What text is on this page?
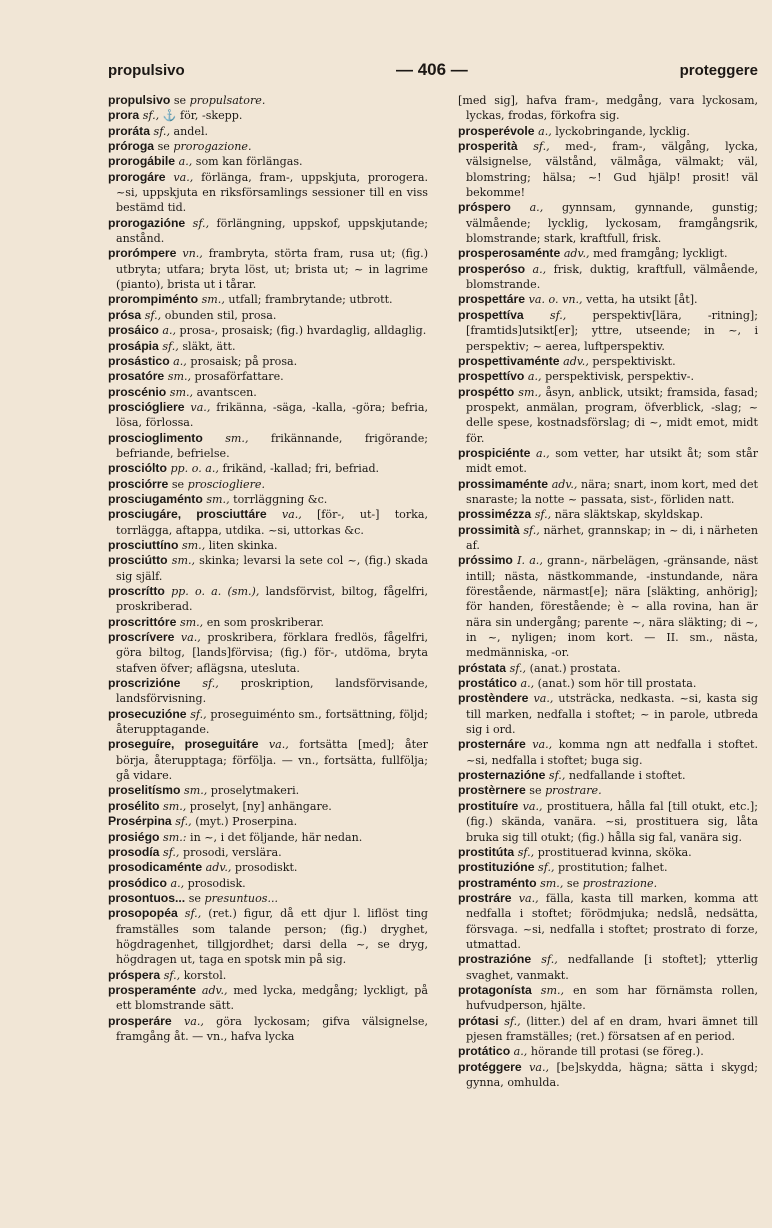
propulsivo	— 406 —	proteggere

propulsivo se propulsatore.

prora sf., ⚓ för, -skepp.

proráta sf., andel.

próroga se prorogazione.

prorogábile a., som kan förlängas.

prorogáre va., förlänga, fram-, uppskjuta, prorogera. ~si, uppskjuta en riksförsamlings sessioner till en viss bestämd tid.

prorogazióne sf., förlängning, uppskof, uppskjutande; anstånd.

prorómpere vn., frambryta, störta fram, rusa ut; (fig.) utbryta; utfara; bryta löst, ut; brista ut; ~ in lagrime (pianto), brista ut i tårar.

prorompiménto sm., utfall; frambrytande; utbrott.

prósa sf., obunden stil, prosa.

prosáico a., prosa-, prosaisk; (fig.) hvardaglig, alldaglig.

prosápia sf., släkt, ätt.

prosástico a., prosaisk; på prosa.

prosatóre sm., prosaförfattare.

proscénio sm., avantscen.

prosciógliere va., frikänna, -säga, -kalla, -göra; befria, lösa, förlossa.

proscioglimento sm., frikännande, frigörande; befriande, befrielse.

prosciólto pp. o. a., frikänd, -kallad; fri, befriad.

prosciórre se prosciogliere.

prosciugaménto sm., torrläggning &c.

prosciugáre, prosciuttáre va., [för-, ut-] torka, torrlägga, aftappa, utdika. ~si, uttorkas &c.

prosciuttíno sm., liten skinka.

prosciútto sm., skinka; levarsi la sete col ~, (fig.) skada sig själf.

proscrítto pp. o. a. (sm.), landsförvist, biltog, fågelfri, proskriberad.

proscrittóre sm., en som proskriberar.

proscrívere va., proskribera, förklara fredlös, fågelfri, göra biltog, [lands]förvisa; (fig.) för-, utdöma, bryta stafven öfver; aflägsna, utesluta.

proscrizióne sf., proskription, landsförvisande, landsförvisning.

prosecuzióne sf., proseguiménto sm., fortsättning, följd; återupptagande.

proseguíre, proseguitáre va., fortsätta [med]; åter börja, återupptaga; förfölja. — vn., fortsätta, fullfölja; gå vidare.

proselitísmo sm., proselytmakeri.

prosélito sm., proselyt, [ny] anhängare.

Prosérpina sf., (myt.) Proserpina.

prosiégo sm.: in ~, i det följande, här nedan.

prosodía sf., prosodi, verslära.

prosodicaménte adv., prosodiskt.

prosódico a., prosodisk.

prosontuos... se presuntuos...

prosopopéa sf., (ret.) figur, då ett djur l. liflöst ting framställes som talande person; (fig.) dryghet, högdragenhet, tillgjordhet; darsi della ~, se dryg, högdragen ut, taga en spotsk min på sig.

próspera sf., korstol.

prosperaménte adv., med lycka, medgång; lyckligt, på ett blomstrande sätt.

prosperáre va., göra lyckosam; gifva välsignelse, framgång åt. — vn., hafva lycka

[med sig], hafva fram-, medgång, vara lyckosam, lyckas, frodas, förkofra sig.

prosperévole a., lyckobringande, lycklig.

prosperità sf., med-, fram-, välgång, lycka, välsignelse, välstånd, välmåga, välmakt; väl, blomstring; hälsa; ~! Gud hjälp! prosit! väl bekomme!

próspero a., gynnsam, gynnande, gunstig; välmående; lycklig, lyckosam, framgångsrik, blomstrande; stark, kraftfull, frisk.

prosperosaménte adv., med framgång; lyckligt.

prosperóso a., frisk, duktig, kraftfull, välmående, blomstrande.

prospettáre va. o. vn., vetta, ha utsikt [åt].

prospettíva sf., perspektiv[lära, -ritning]; [framtids]utsikt[er]; yttre, utseende; in ~, i perspektiv; ~ aerea, luftperspektiv.

prospettivaménte adv., perspektiviskt.

prospettívo a., perspektivisk, perspektiv-.

prospétto sm., åsyn, anblick, utsikt; framsida, fasad; prospekt, anmälan, program, öfverblick, -slag; ~ delle spese, kostnadsförslag; di ~, midt emot, midt för.

prospiciénte a., som vetter, har utsikt åt; som står midt emot.

prossimaménte adv., nära; snart, inom kort, med det snaraste; la notte ~ passata, sist-, förliden natt.

prossimézza sf., nära släktskap, skyldskap.

prossimità sf., närhet, grannskap; in ~ di, i närheten af.

próssimo I. a., grann-, närbelägen, -gränsande, näst intill; nästa, nästkommande, -instundande, nära förestående, närmast[e]; nära [släkting, anhörig]; för handen, förestående; è ~ alla rovina, han är nära sin undergång; parente ~, nära släkting; di ~, in ~, nyligen; inom kort. — II. sm., nästa, medmänniska, -or.

próstata sf., (anat.) prostata.

prostático a., (anat.) som hör till prostata.

prostèndere va., utsträcka, nedkasta. ~si, kasta sig till marken, nedfalla i stoftet; ~ in parole, utbreda sig i ord.

prosternáre va., komma ngn att nedfalla i stoftet. ~si, nedfalla i stoftet; buga sig.

prosternazióne sf., nedfallande i stoftet.

prostèrnere se prostrare.

prostituíre va., prostituera, hålla fal [till otukt, etc.]; (fig.) skända, vanära. ~si, prostituera sig, låta bruka sig till otukt; (fig.) hålla sig fal, vanära sig.

prostitúta sf., prostituerad kvinna, sköka.

prostituzióne sf., prostitution; falhet.

prostraménto sm., se prostrazione.

prostráre va., fälla, kasta till marken, komma att nedfalla i stoftet; förödmjuka; nedslå, nedsätta, försvaga. ~si, nedfalla i stoftet; prostrato di forze, utmattad.

prostrazióne sf., nedfallande [i stoftet]; ytterlig svaghet, vanmakt.

protagonísta sm., en som har förnämsta rollen, hufvudperson, hjälte.

prótasi sf., (litter.) del af en dram, hvari ämnet till pjesen framställes; (ret.) försatsen af en period.

protático a., hörande till protasi (se föreg.).

protéggere va., [be]skydda, hägna; sätta i skygd; gynna, omhulda.
